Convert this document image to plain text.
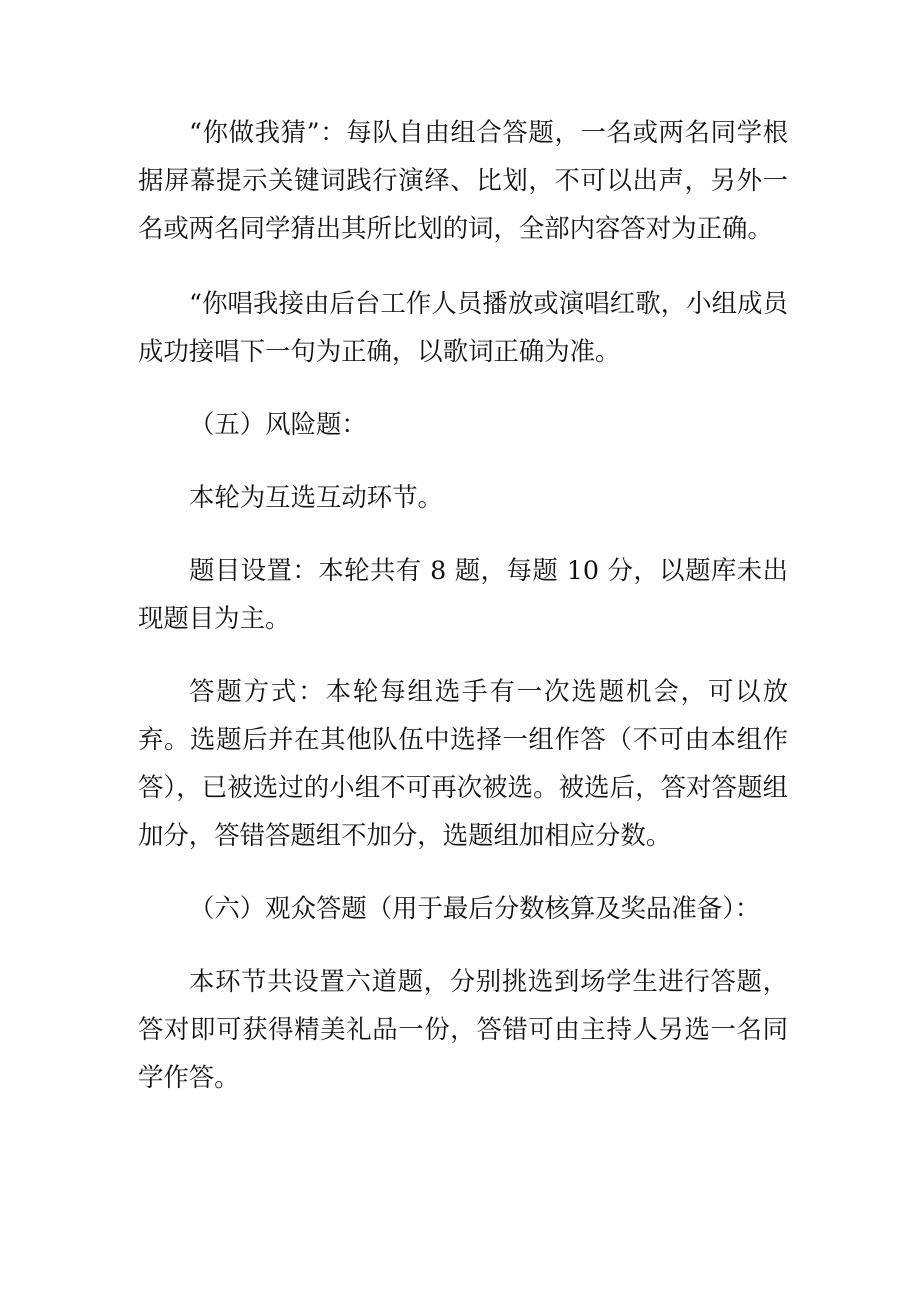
“你做我猜”：每队自由组合答题，一名或两名同学根据屏幕提示关键词践行演绎、比划，不可以出声，另外一名或两名同学猜出其所比划的词，全部内容答对为正确。

“你唱我接由后台工作人员播放或演唱红歌，小组成员成功接唱下一句为正确，以歌词正确为准。

（五）风险题：

本轮为互选互动环节。

题目设置：本轮共有 8 题，每题 10 分，以题库未出现题目为主。

答题方式：本轮每组选手有一次选题机会，可以放弃。选题后并在其他队伍中选择一组作答（不可由本组作答），已被选过的小组不可再次被选。被选后，答对答题组加分，答错答题组不加分，选题组加相应分数。

（六）观众答题（用于最后分数核算及奖品准备）：

本环节共设置六道题，分别挑选到场学生进行答题，答对即可获得精美礼品一份，答错可由主持人另选一名同学作答。
